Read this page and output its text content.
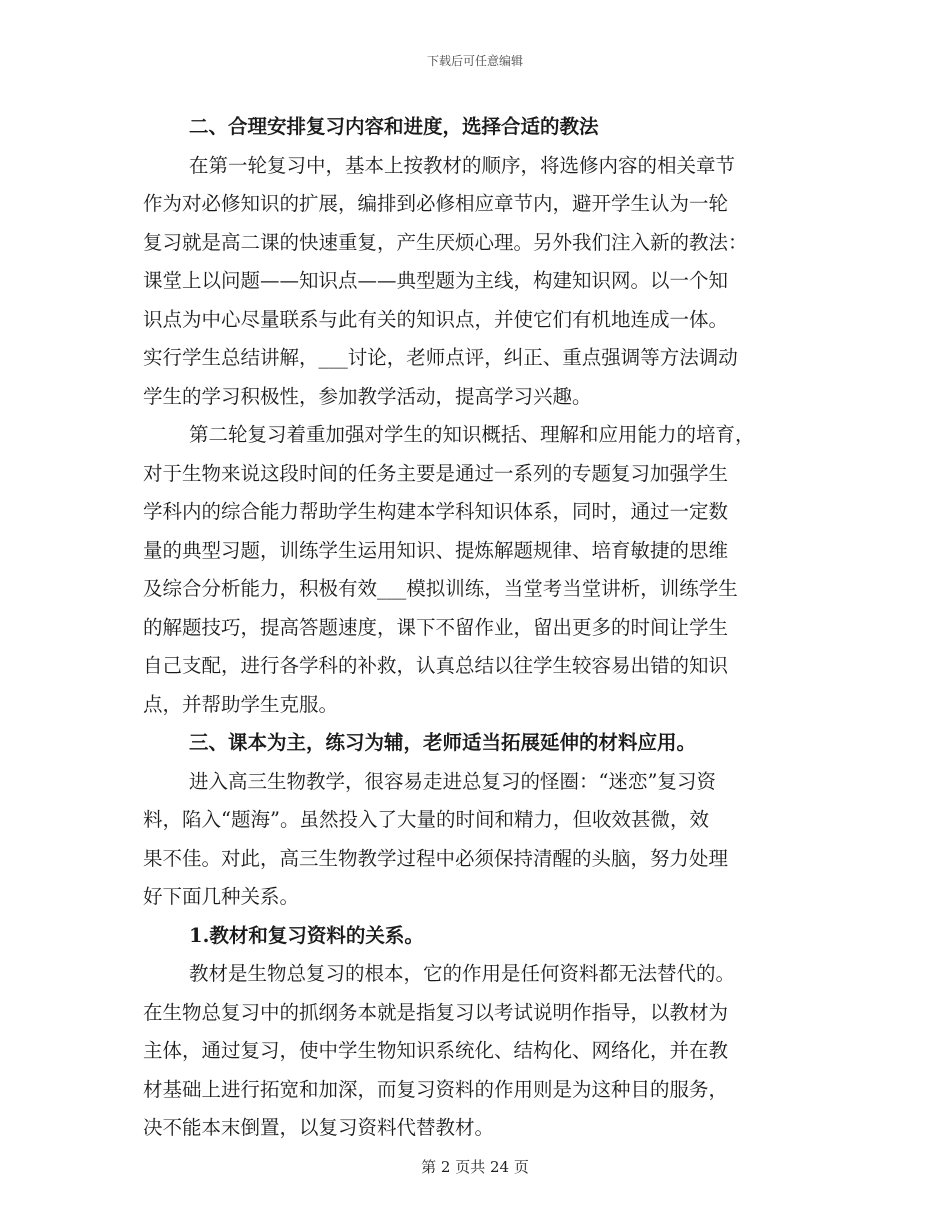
下载后可任意编辑
二、合理安排复习内容和进度，选择合适的教法
在第一轮复习中，基本上按教材的顺序，将选修内容的相关章节
作为对必修知识的扩展，编排到必修相应章节内，避开学生认为一轮
复习就是高二课的快速重复，产生厌烦心理。另外我们注入新的教法：
课堂上以问题——知识点——典型题为主线，构建知识网。以一个知
识点为中心尽量联系与此有关的知识点，并使它们有机地连成一体。
实行学生总结讲解，___讨论，老师点评，纠正、重点强调等方法调动
学生的学习积极性，参加教学活动，提高学习兴趣。
第二轮复习着重加强对学生的知识概括、理解和应用能力的培育，
对于生物来说这段时间的任务主要是通过一系列的专题复习加强学生
学科内的综合能力帮助学生构建本学科知识体系，同时，通过一定数
量的典型习题，训练学生运用知识、提炼解题规律、培育敏捷的思维
及综合分析能力，积极有效___模拟训练，当堂考当堂讲析，训练学生
的解题技巧，提高答题速度，课下不留作业，留出更多的时间让学生
自己支配，进行各学科的补救，认真总结以往学生较容易出错的知识
点，并帮助学生克服。
三、课本为主，练习为辅，老师适当拓展延伸的材料应用。
进入高三生物教学，很容易走进总复习的怪圈：“迷恋”复习资
料，陷入“题海”。虽然投入了大量的时间和精力，但收效甚微，效
果不佳。对此，高三生物教学过程中必须保持清醒的头脑，努力处理
好下面几种关系。
1.教材和复习资料的关系。
教材是生物总复习的根本，它的作用是任何资料都无法替代的。
在生物总复习中的抓纲务本就是指复习以考试说明作指导，以教材为
主体，通过复习，使中学生物知识系统化、结构化、网络化，并在教
材基础上进行拓宽和加深，而复习资料的作用则是为这种目的服务，
决不能本末倒置，以复习资料代替教材。
第 2 页共 24 页
